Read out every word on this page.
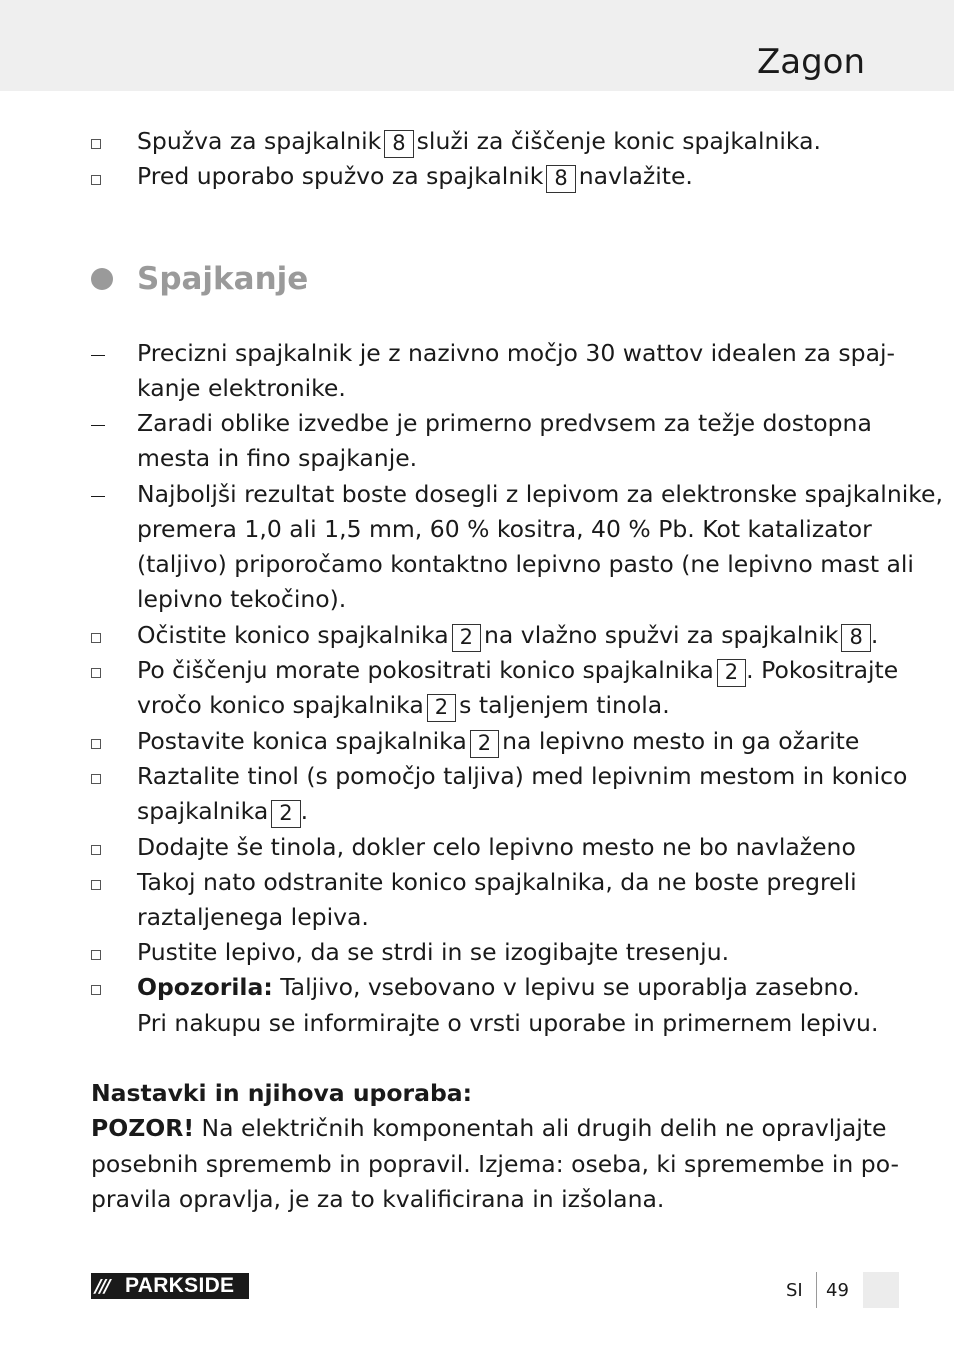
Zagon
Spužva za spajkalnik 8 služi za čiščenje konic spajkalnika.
Pred uporabo spužvo za spajkalnik 8 navlažite.
Spajkanje
Precizni spajkalnik je z nazivno močjo 30 wattov idealen za spaj-
kanje elektronike.
Zaradi oblike izvedbe je primerno predvsem za težje dostopna
mesta in fino spajkanje.
Najboljši rezultat boste dosegli z lepivom za elektronske spajkalnike,
premera 1,0 ali 1,5 mm, 60 % kositra, 40 % Pb. Kot katalizator
(taljivo) priporočamo kontaktno lepivno pasto (ne lepivno mast ali
lepivno tekočino).
Očistite konico spajkalnika 2 na vlažno spužvi za spajkalnik 8 .
Po čiščenju morate pokositrati konico spajkalnika 2 . Pokositrajte
vročo konico spajkalnika 2 s taljenjem tinola.
Postavite konica spajkalnika 2 na lepivno mesto in ga ožarite
Raztalite tinol (s pomočjo taljiva) med lepivnim mestom in konico
spajkalnika 2 .
Dodajte še tinola, dokler celo lepivno mesto ne bo navlaženo
Takoj nato odstranite konico spajkalnika, da ne boste pregreli
raztaljenega lepiva.
Pustite lepivo, da se strdi in se izogibajte tresenju.
Opozorila: Taljivo, vsebovano v lepivu se uporablja zasebno.
Pri nakupu se informirajte o vrsti uporabe in primernem lepivu.
Nastavki in njihova uporaba:
POZOR! Na električnih komponentah ali drugih delih ne opravljajte
posebnih sprememb in popravil. Izjema: oseba, ki spremembe in po-
pravila opravlja, je za to kvalificirana in izšolana.
/// PARKSIDE	SI 49
